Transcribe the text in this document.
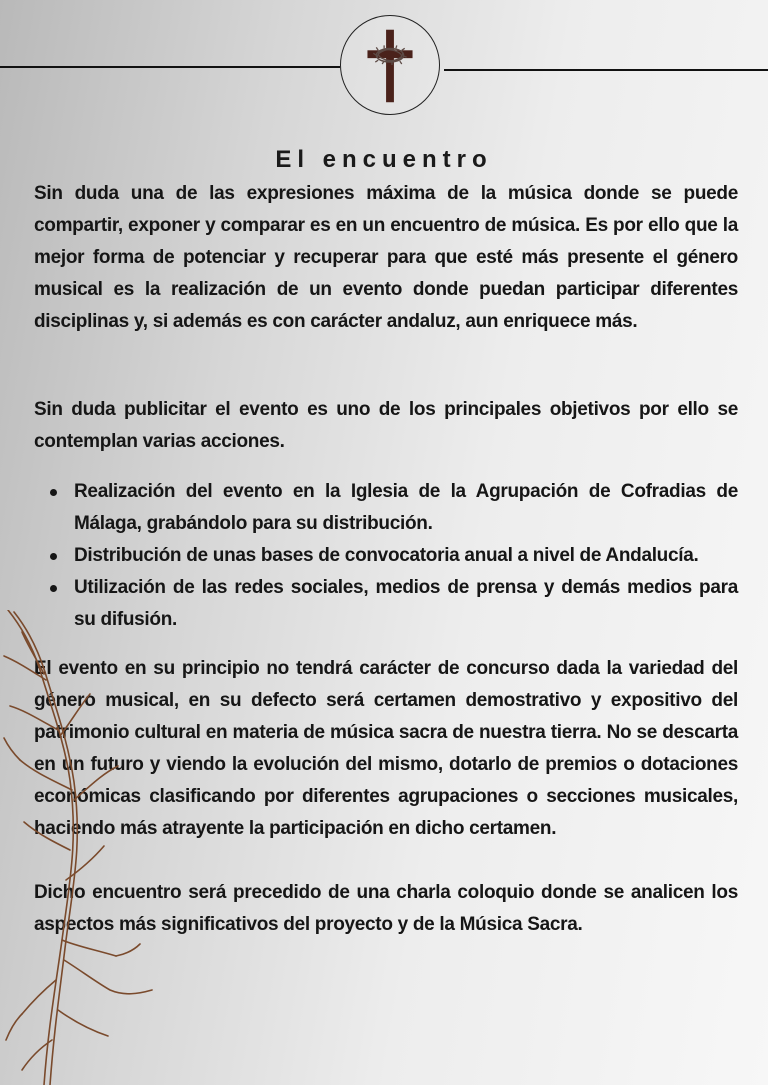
El encuentro
Sin duda una de las expresiones máxima de la música donde se puede compartir, exponer y comparar es en un encuentro de música. Es por ello que la mejor forma de potenciar y recuperar para que esté más presente el género musical es la realización de un evento donde puedan participar diferentes disciplinas y, si además es con carácter andaluz, aun enriquece más.
Sin duda publicitar el evento es uno de los principales objetivos por ello se contemplan varias acciones.
Realización del evento en la Iglesia de la Agrupación de Cofradias de Málaga, grabándolo para su distribución.
Distribución de unas bases de convocatoria anual a nivel de Andalucía.
Utilización de las redes sociales, medios de prensa y demás medios para su difusión.
El evento en su principio no tendrá carácter de concurso dada la variedad del género musical, en su defecto será certamen demostrativo y expositivo del patrimonio cultural en materia de música sacra de nuestra tierra. No se descarta en un futuro y viendo la evolución del mismo, dotarlo de premios o dotaciones económicas clasificando por diferentes agrupaciones o secciones musicales, haciendo más atrayente la participación en dicho certamen.
Dicho encuentro será precedido de una charla coloquio donde se analicen los aspectos más significativos del proyecto y de la Música Sacra.
